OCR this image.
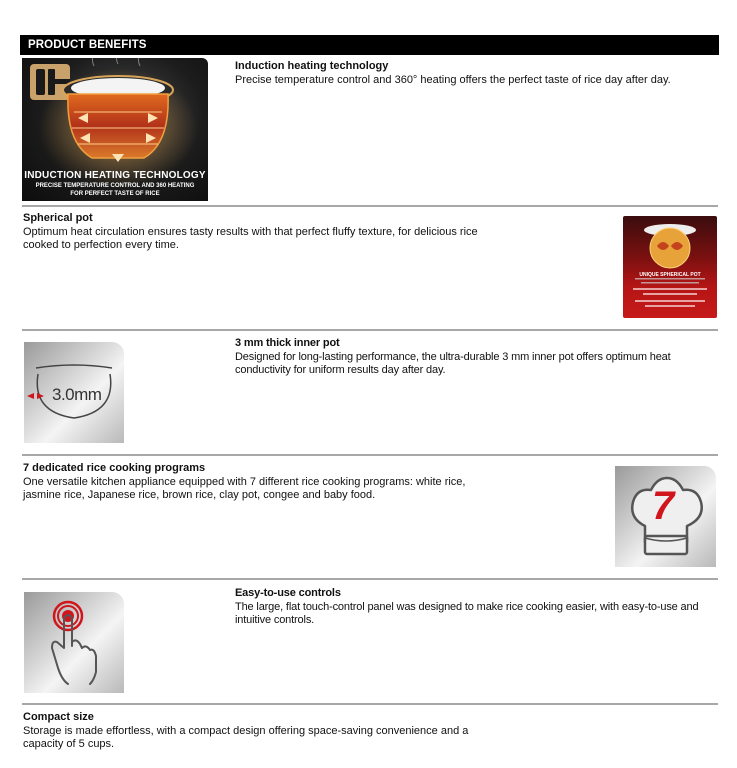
PRODUCT BENEFITS
INDUCTION HEATING TECHNOLOGY
PRECISE TEMPERATURE CONTROL AND 360 HEATING
FOR PERFECT TASTE OF RICE
Induction heating technology
Precise temperature control and 360° heating offers the perfect taste of rice day after day.
Spherical pot
Optimum heat circulation ensures tasty results with that perfect fluffy texture, for delicious rice cooked to perfection every time.
UNIQUE SPHERICAL POT
3.0mm
3 mm thick inner pot
Designed for long-lasting performance, the ultra-durable 3 mm inner pot offers optimum heat conductivity for uniform results day after day.
7 dedicated rice cooking programs
One versatile kitchen appliance equipped with 7 different rice cooking programs: white rice, jasmine rice, Japanese rice, brown rice, clay pot, congee and baby food.	7
Easy-to-use controls
The large, flat touch-control panel was designed to make rice cooking easier, with easy-to-use and intuitive controls.
Compact size
Storage is made effortless, with a compact design offering space-saving convenience and a capacity of 5 cups.
